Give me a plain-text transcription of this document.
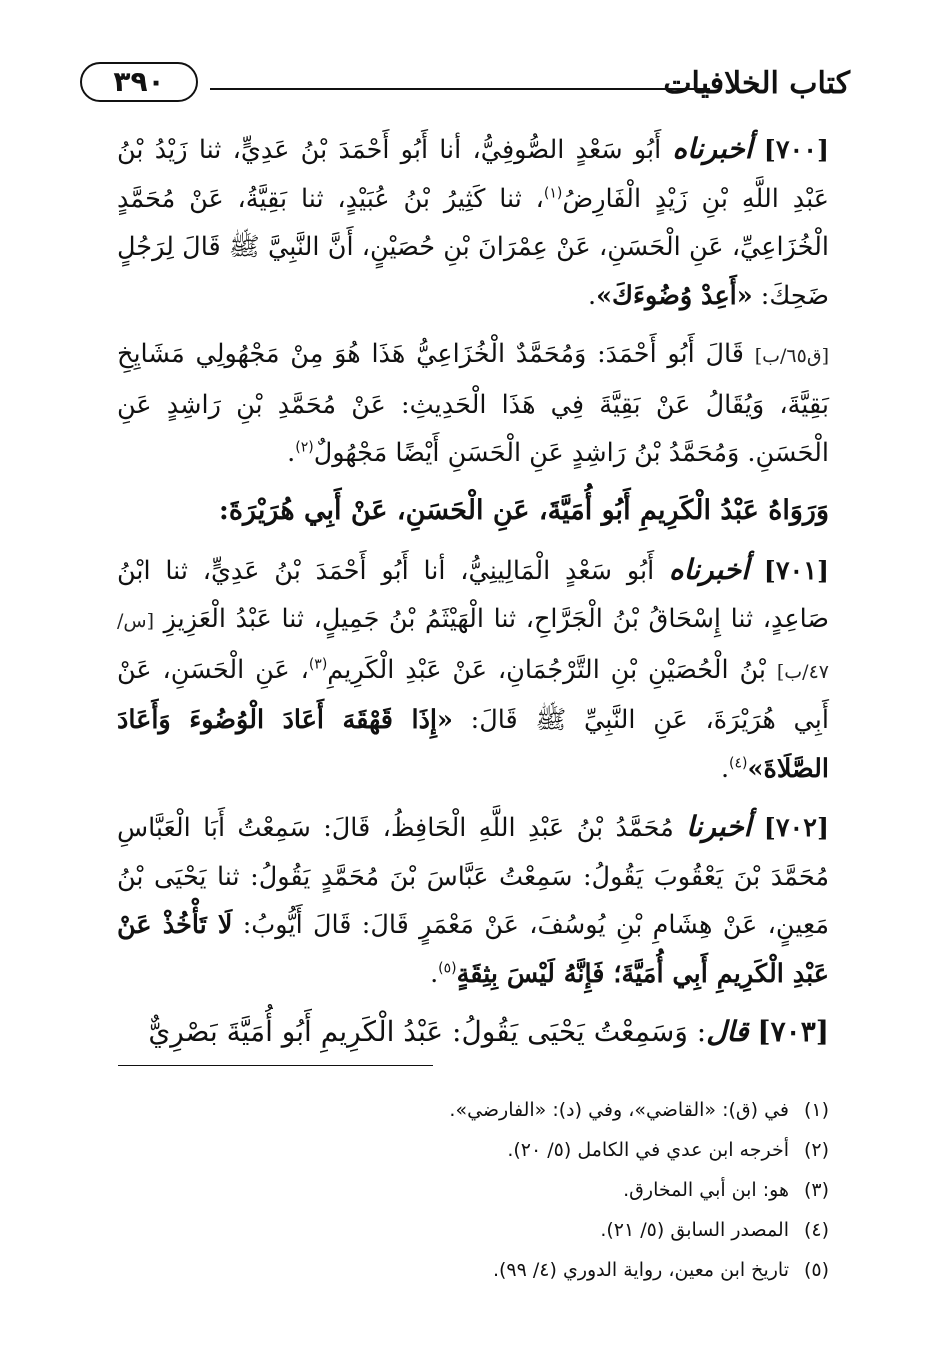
كتاب الخلافيات
٣٩٠

[٧٠٠] أخبرناه أَبُو سَعْدٍ الصُّوفِيُّ، أنا أَبُو أَحْمَدَ بْنُ عَدِيٍّ، ثنا زَيْدُ بْنُ عَبْدِ اللَّهِ بْنِ زَيْدٍ الْفَارِضُ$^{(١)}$، ثنا كَثِيرُ بْنُ عُبَيْدٍ، ثنا بَقِيَّةُ، عَنْ مُحَمَّدٍ الْخُزَاعِيِّ، عَنِ الْحَسَنِ، عَنْ عِمْرَانَ بْنِ حُصَيْنٍ، أَنَّ النَّبِيَّ ﷺ قَالَ لِرَجُلٍ ضَحِكَ: «أَعِدْ وُضُوءَكَ».

[ق٦٥/ب] قَالَ أَبُو أَحْمَدَ: وَمُحَمَّدٌ الْخُزَاعِيُّ هَذَا هُوَ مِنْ مَجْهُولِي مَشَايِخِ بَقِيَّةَ، وَيُقَالُ عَنْ بَقِيَّةَ فِي هَذَا الْحَدِيثِ: عَنْ مُحَمَّدِ بْنِ رَاشِدٍ عَنِ الْحَسَنِ. وَمُحَمَّدُ بْنُ رَاشِدٍ عَنِ الْحَسَنِ أَيْضًا مَجْهُولٌ$^{(٢)}$.

وَرَوَاهُ عَبْدُ الْكَرِيمِ أَبُو أُمَيَّةَ، عَنِ الْحَسَنِ، عَنْ أَبِي هُرَيْرَةَ:

[٧٠١] أخبرناه أَبُو سَعْدٍ الْمَالِينِيُّ، أنا أَبُو أَحْمَدَ بْنُ عَدِيٍّ، ثنا ابْنُ صَاعِدٍ، ثنا إِسْحَاقُ بْنُ الْجَرَّاحِ، ثنا الْهَيْثَمُ بْنُ جَمِيلٍ، ثنا عَبْدُ الْعَزِيزِ [س/٤٧/ب] بْنُ الْحُصَيْنِ بْنِ التَّرْجُمَانِ، عَنْ عَبْدِ الْكَرِيمِ$^{(٣)}$، عَنِ الْحَسَنِ، عَنْ أَبِي هُرَيْرَةَ، عَنِ النَّبِيِّ ﷺ قَالَ: «إِذَا قَهْقَهَ أَعَادَ الْوُضُوءَ وَأَعَادَ الصَّلَاةَ»$^{(٤)}$.

[٧٠٢] أخبرنا مُحَمَّدُ بْنُ عَبْدِ اللَّهِ الْحَافِظُ، قَالَ: سَمِعْتُ أَبَا الْعَبَّاسِ مُحَمَّدَ بْنَ يَعْقُوبَ يَقُولُ: سَمِعْتُ عَبَّاسَ بْنَ مُحَمَّدٍ يَقُولُ: ثنا يَحْيَى بْنُ مَعِينٍ، عَنْ هِشَامِ بْنِ يُوسُفَ، عَنْ مَعْمَرٍ قَالَ: قَالَ أَيُّوبُ: لَا تَأْخُذْ عَنْ عَبْدِ الْكَرِيمِ أَبِي أُمَيَّةَ؛ فَإِنَّهُ لَيْسَ بِثِقَةٍ$^{(٥)}$.

[٧٠٣] قال: وَسَمِعْتُ يَحْيَى يَقُولُ: عَبْدُ الْكَرِيمِ أَبُو أُمَيَّةَ بَصْرِيٌّ

(١)في (ق): «القاضي»، وفي (د): «الفارضي».

(٢)أخرجه ابن عدي في الكامل (٥/ ٢٠).

(٣)هو: ابن أبي المخارق.

(٤)المصدر السابق (٥/ ٢١).

(٥)تاريخ ابن معين، رواية الدوري (٤/ ٩٩).
